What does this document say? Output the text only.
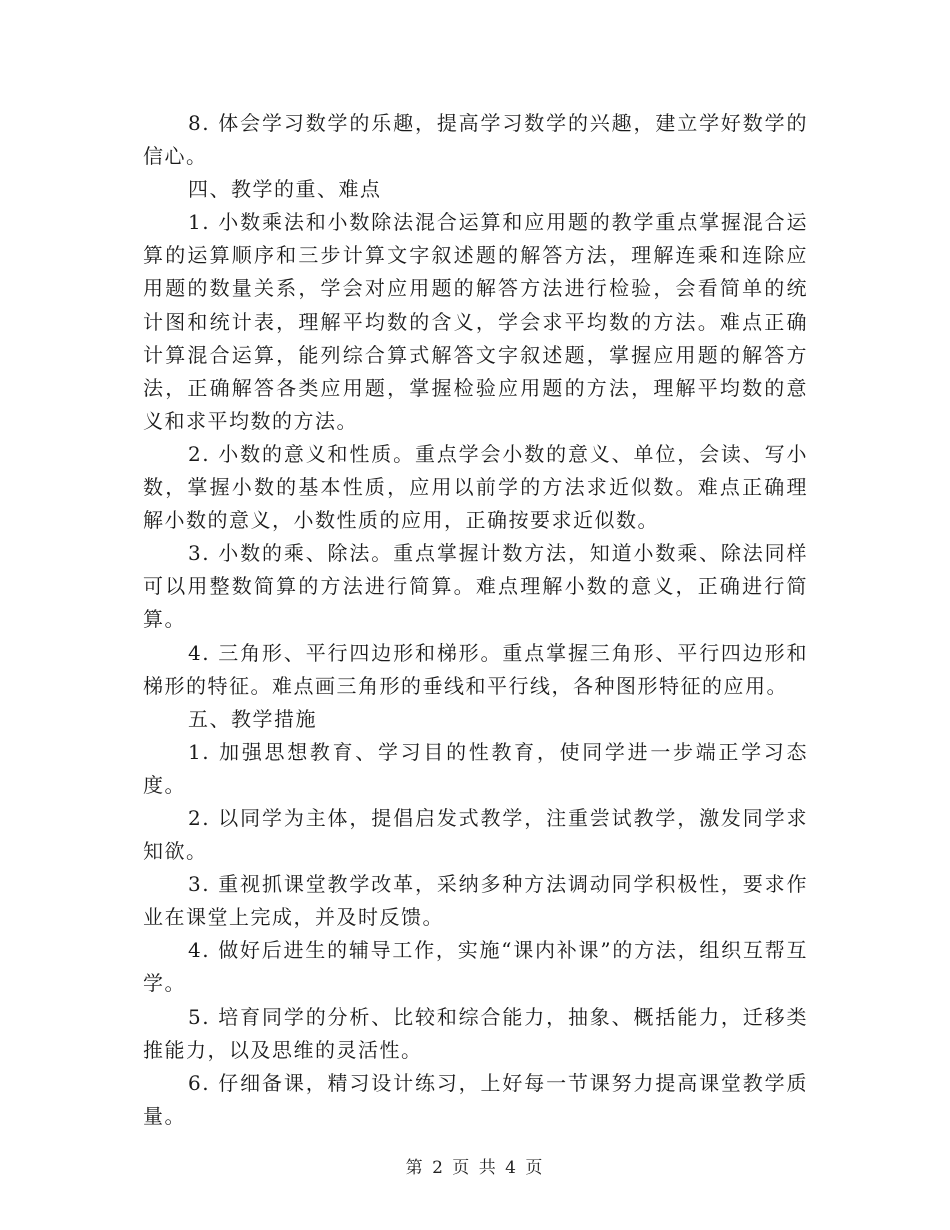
8. 体会学习数学的乐趣，提高学习数学的兴趣，建立学好数学的信心。

四、教学的重、难点

1. 小数乘法和小数除法混合运算和应用题的教学重点掌握混合运算的运算顺序和三步计算文字叙述题的解答方法，理解连乘和连除应用题的数量关系，学会对应用题的解答方法进行检验，会看简单的统计图和统计表，理解平均数的含义，学会求平均数的方法。难点正确计算混合运算，能列综合算式解答文字叙述题，掌握应用题的解答方法，正确解答各类应用题，掌握检验应用题的方法，理解平均数的意义和求平均数的方法。

2. 小数的意义和性质。重点学会小数的意义、单位，会读、写小数，掌握小数的基本性质，应用以前学的方法求近似数。难点正确理解小数的意义，小数性质的应用，正确按要求近似数。

3. 小数的乘、除法。重点掌握计数方法，知道小数乘、除法同样可以用整数简算的方法进行简算。难点理解小数的意义，正确进行简算。

4. 三角形、平行四边形和梯形。重点掌握三角形、平行四边形和梯形的特征。难点画三角形的垂线和平行线，各种图形特征的应用。

五、教学措施

1. 加强思想教育、学习目的性教育，使同学进一步端正学习态度。

2. 以同学为主体，提倡启发式教学，注重尝试教学，激发同学求知欲。

3. 重视抓课堂教学改革，采纳多种方法调动同学积极性，要求作业在课堂上完成，并及时反馈。

4. 做好后进生的辅导工作，实施“课内补课”的方法，组织互帮互学。

5. 培育同学的分析、比较和综合能力，抽象、概括能力，迁移类推能力，以及思维的灵活性。

6. 仔细备课，精习设计练习，上好每一节课努力提高课堂教学质量。

第 2 页 共 4 页
